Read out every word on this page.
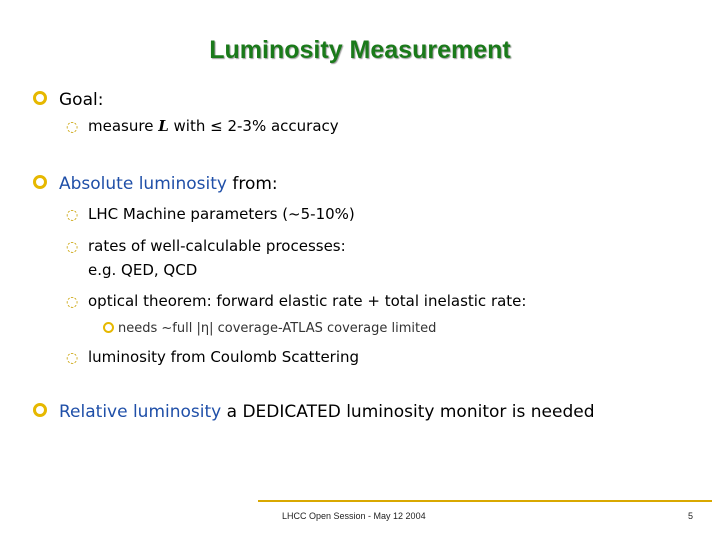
Luminosity Measurement
Goal:
◌ measure L with ≤ 2-3% accuracy
Absolute luminosity from:
◌ LHC Machine parameters (~5-10%)
◌ rates of well-calculable processes:
e.g. QED, QCD
◌ optical theorem: forward elastic rate + total inelastic rate:
needs ~full |η| coverage-ATLAS coverage limited
◌ luminosity from Coulomb Scattering
Relative luminosity a DEDICATED luminosity monitor is needed
LHCC Open Session - May 12 2004	5
